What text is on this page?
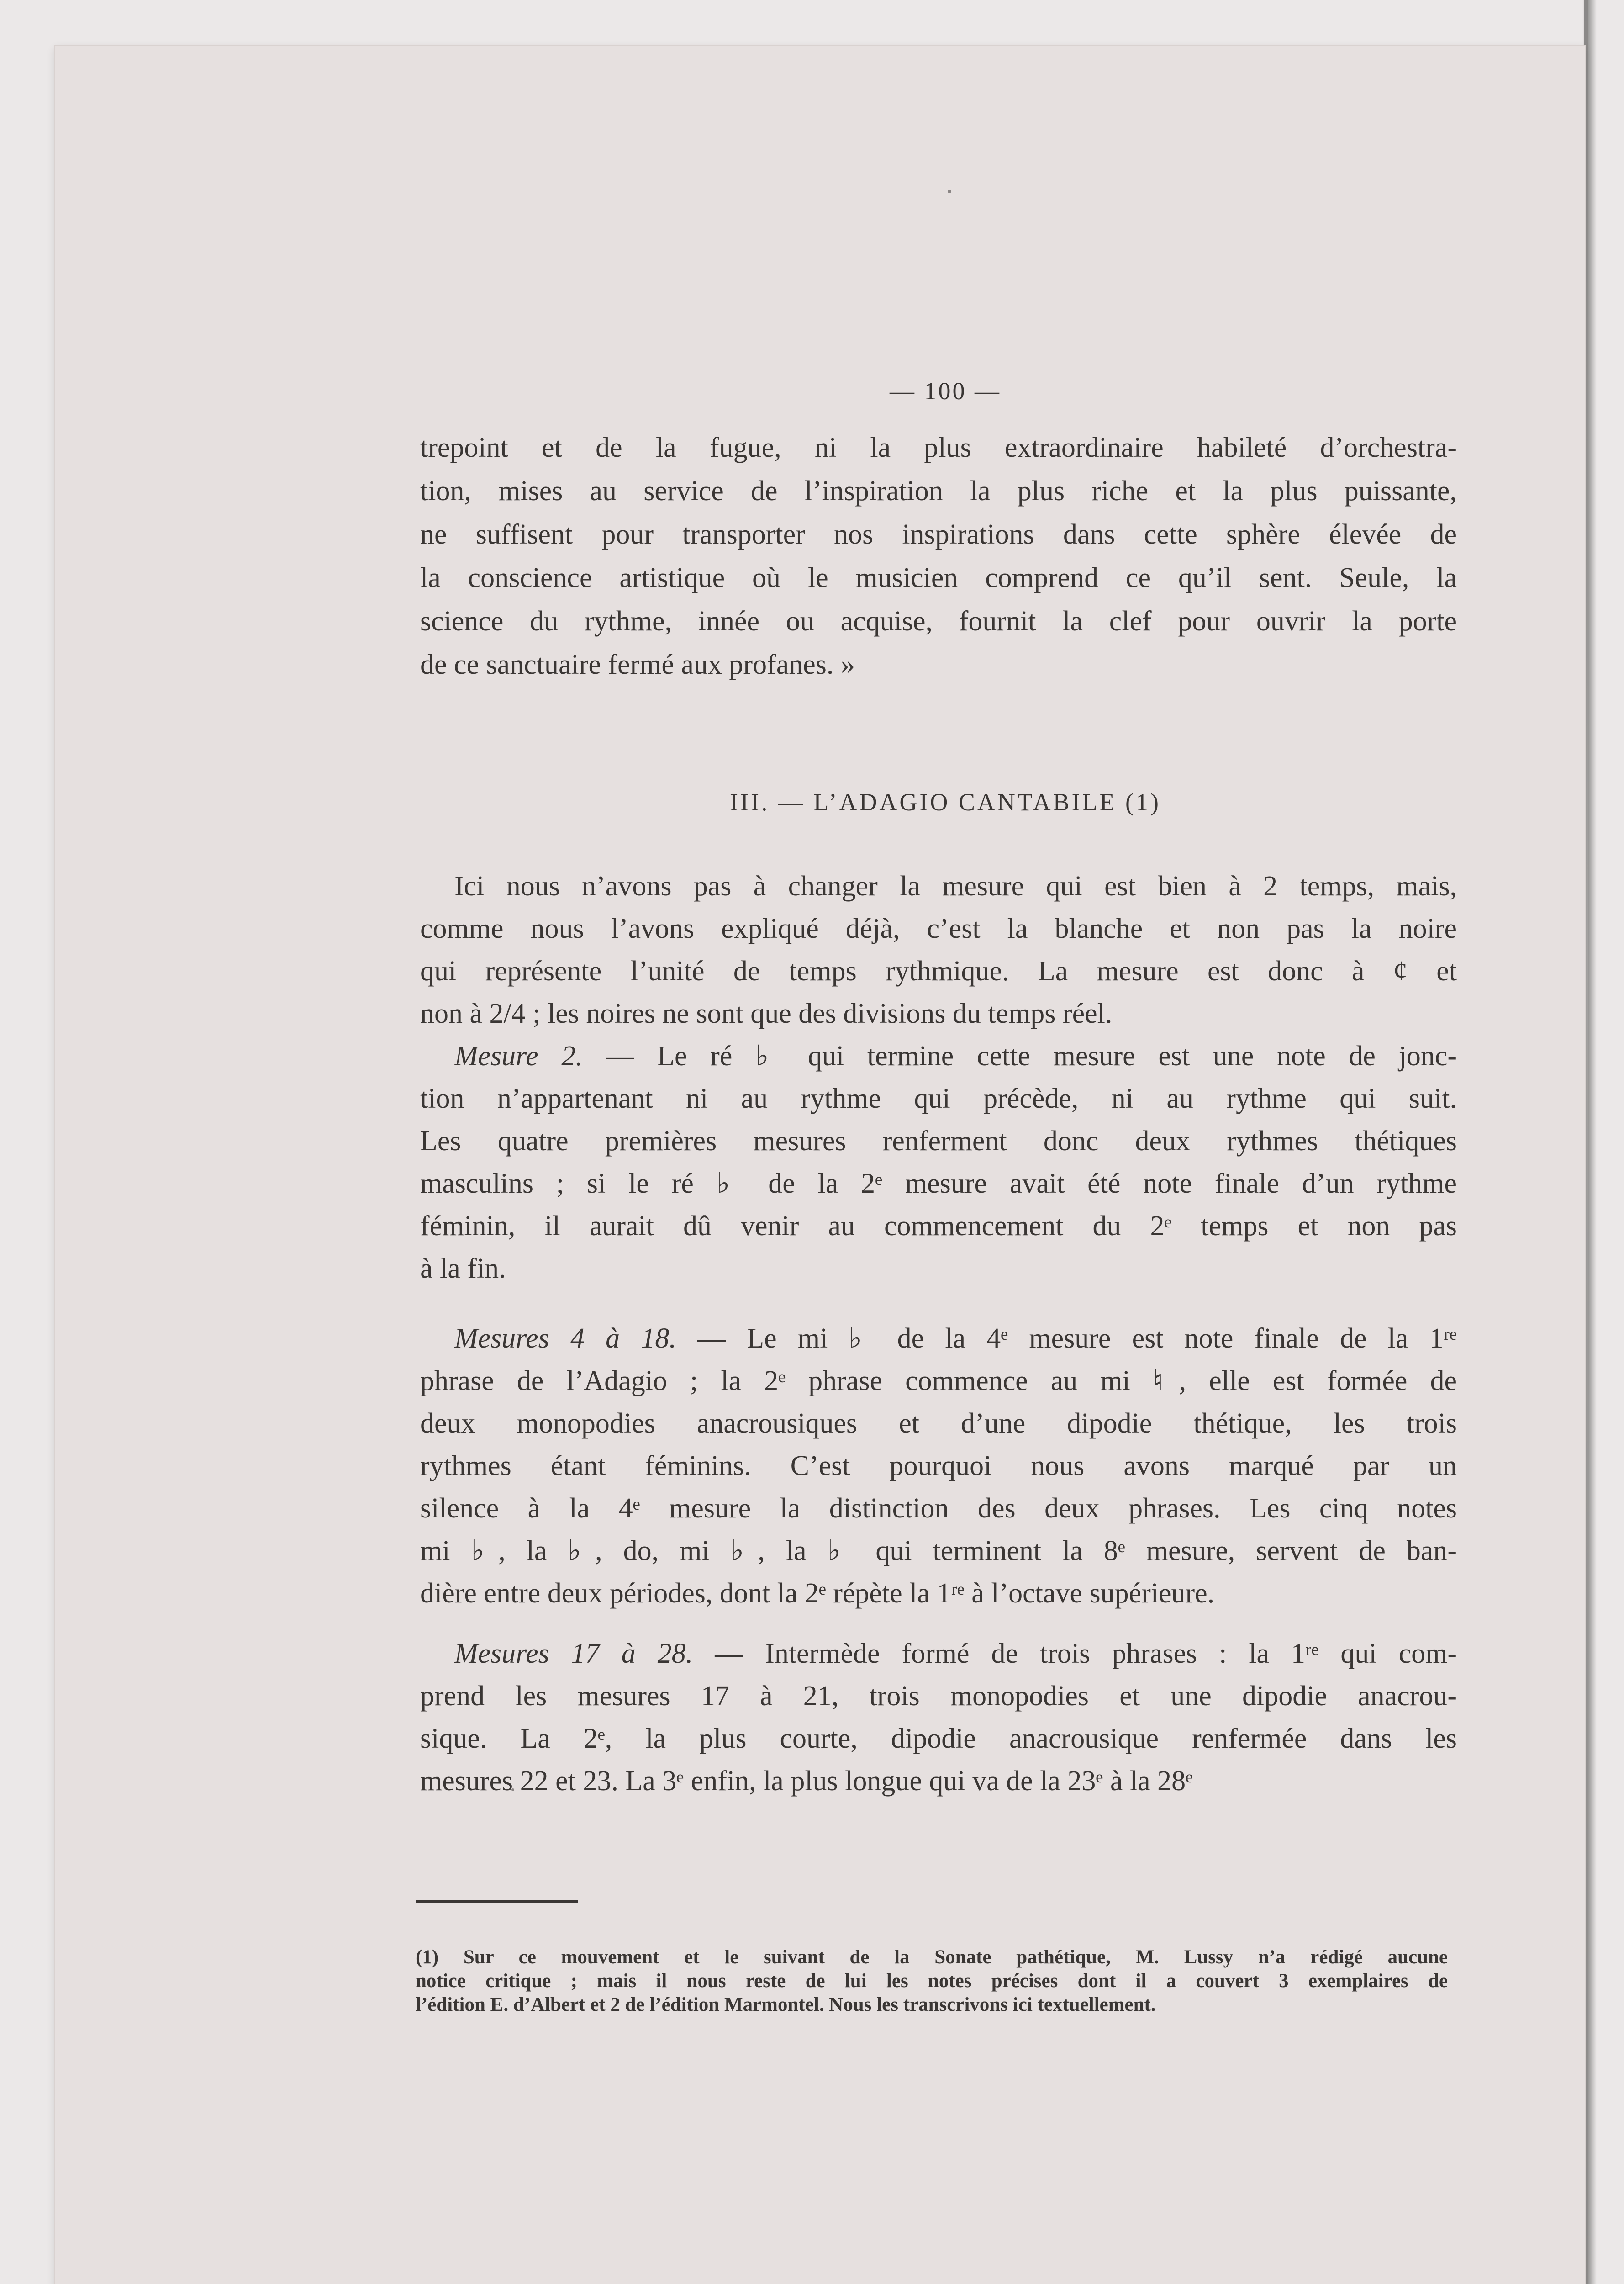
— 100 —
trepoint et de la fugue, ni la plus extraordinaire habileté d’orchestra-
tion, mises au service de l’inspiration la plus riche et la plus puissante,
ne suffisent pour transporter nos inspirations dans cette sphère élevée de
la conscience artistique où le musicien comprend ce qu’il sent. Seule, la
science du rythme, innée ou acquise, fournit la clef pour ouvrir la porte
de ce sanctuaire fermé aux profanes. »
Ici nous n’avons pas à changer la mesure qui est bien à 2 temps, mais,
comme nous l’avons expliqué déjà, c’est la blanche et non pas la noire
qui représente l’unité de temps rythmique. La mesure est donc à ¢ et
non à 2/4 ; les noires ne sont que des divisions du temps réel.
Mesure 2. — Le ré ♭ qui termine cette mesure est une note de jonc-
tion n’appartenant ni au rythme qui précède, ni au rythme qui suit.
Les quatre premières mesures renferment donc deux rythmes thétiques
masculins ; si le ré ♭ de la 2ᵉ mesure avait été note finale d’un rythme
féminin, il aurait dû venir au commencement du 2ᵉ temps et non pas
à la fin.
Mesures 4 à 18. — Le mi ♭ de la 4ᵉ mesure est note finale de la 1ʳᵉ
phrase de l’Adagio ; la 2ᵉ phrase commence au mi ♮, elle est formée de
deux monopodies anacrousiques et d’une dipodie thétique, les trois
rythmes étant féminins. C’est pourquoi nous avons marqué par un
silence à la 4ᵉ mesure la distinction des deux phrases. Les cinq notes
mi ♭, la ♭, do, mi ♭, la ♭ qui terminent la 8ᵉ mesure, servent de ban-
dière entre deux périodes, dont la 2ᵉ répète la 1ʳᵉ à l’octave supérieure.
Mesures 17 à 28. — Intermède formé de trois phrases : la 1ʳᵉ qui com-
prend les mesures 17 à 21, trois monopodies et une dipodie anacrou-
sique. La 2ᵉ, la plus courte, dipodie anacrousique renfermée dans les
mesures 22 et 23. La 3ᵉ enfin, la plus longue qui va de la 23ᵉ à la 28ᵉ
III. — L’ADAGIO CANTABILE (1)
(1) Sur ce mouvement et le suivant de la Sonate pathétique, M. Lussy n’a rédigé aucune
notice critique ; mais il nous reste de lui les notes précises dont il a couvert 3 exemplaires de
l’édition E. d’Albert et 2 de l’édition Marmontel. Nous les transcrivons ici textuellement.
